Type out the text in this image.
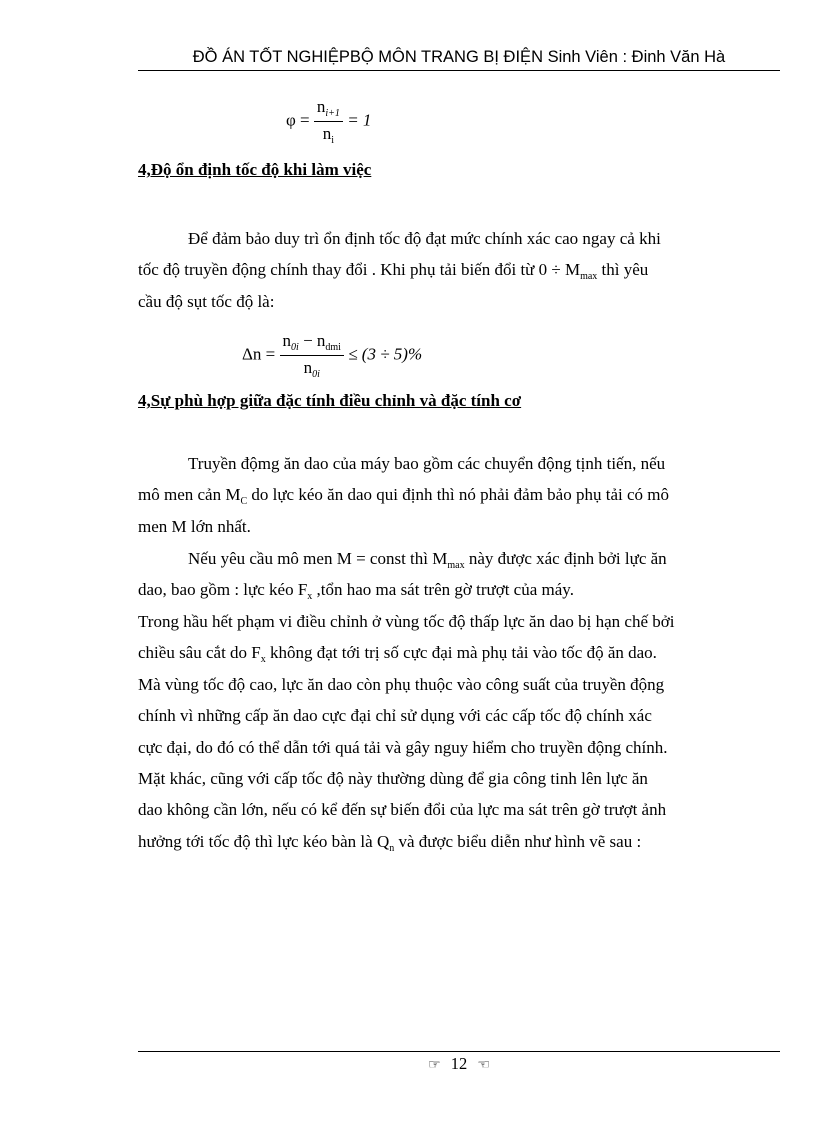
ĐỒ ÁN TỐT NGHIỆPBỘ MÔN TRANG BỊ ĐIỆN Sinh Viên : Đinh Văn Hà
$\varphi = \frac{n_{i+1}}{n_i} = 1$
4,Độ ổn định tốc độ khi làm việc
Để đảm bảo duy trì ổn định tốc độ đạt mức chính xác cao ngay cả khi
tốc độ truyền động chính thay đổi . Khi phụ tải biến đổi từ $0 \div M_{max}$ thì yêu
cầu độ sụt tốc độ là:
$\Delta n = \frac{n_{0i} - n_{dmi}}{n_{0i}} \le (3 \div 5)\%$
4,Sự phù hợp giữa đặc tính điều chỉnh và đặc tính cơ
Truyền độmg ăn dao của máy bao gồm các chuyển động tịnh tiến, nếu
mô men cản $M_C$ do lực kéo ăn dao qui định thì nó phải đảm bảo phụ tải có mô
men M lớn nhất.
Nếu yêu cầu mô men M = const thì $M_{max}$ này được xác định bởi lực ăn
dao, bao gồm : lực kéo $F_x$ ,tổn hao ma sát trên gờ trượt của máy.
Trong hầu hết phạm vi điều chỉnh ở vùng tốc độ thấp lực ăn dao bị hạn chế bởi
chiều sâu cắt do $F_x$ không đạt tới trị số cực đại mà phụ tải vào tốc độ ăn dao.
Mà vùng tốc độ cao, lực ăn dao còn phụ thuộc vào công suất của truyền động
chính vì những cấp ăn dao cực đại chỉ sử dụng với các cấp tốc độ chính xác
cực đại, do đó có thể dẫn tới quá tải và gây nguy hiểm cho truyền động chính.
Mặt khác, cũng với cấp tốc độ này thường dùng để gia công tinh lên lực ăn
dao không cần lớn, nếu có kể đến sự biến đổi của lực ma sát trên gờ trượt ảnh
hưởng tới tốc độ thì lực kéo bàn là $Q_n$ và được biểu diễn như hình vẽ sau :
☞ 12 ☜
